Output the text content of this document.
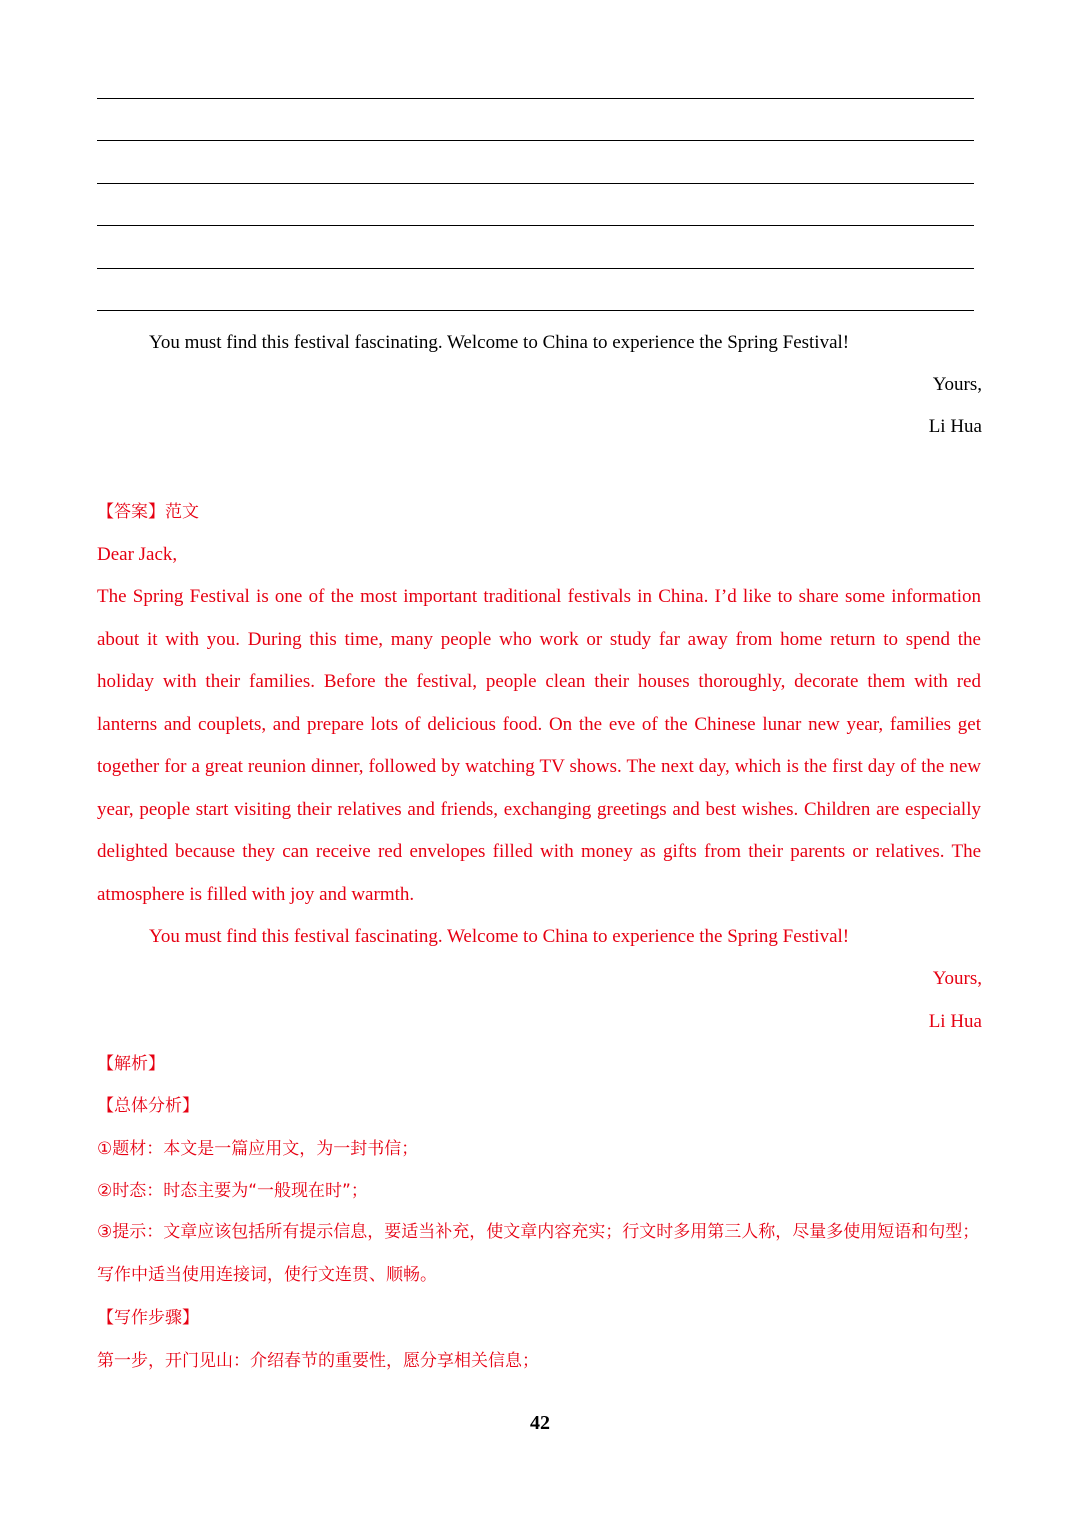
You must find this festival fascinating. Welcome to China to experience the Spring Festival!
Yours,
Li Hua
【答案】范文
Dear Jack,
The Spring Festival is one of the most important traditional festivals in China. I’d like to share some information about it with you. During this time, many people who work or study far away from home return to spend the holiday with their families. Before the festival, people clean their houses thoroughly, decorate them with red lanterns and couplets, and prepare lots of delicious food. On the eve of the Chinese lunar new year, families get together for a great reunion dinner, followed by watching TV shows. The next day, which is the first day of the new year, people start visiting their relatives and friends, exchanging greetings and best wishes. Children are especially delighted because they can receive red envelopes filled with money as gifts from their parents or relatives. The atmosphere is filled with joy and warmth.
You must find this festival fascinating. Welcome to China to experience the Spring Festival!
Yours,
Li Hua
【解析】
【总体分析】
①题材：本文是一篇应用文，为一封书信；
②时态：时态主要为“一般现在时”；
③提示：文章应该包括所有提示信息，要适当补充，使文章内容充实；行文时多用第三人称，尽量多使用短语和句型；写作中适当使用连接词，使行文连贯、顺畅。
【写作步骤】
第一步，开门见山：介绍春节的重要性，愿分享相关信息；
42
